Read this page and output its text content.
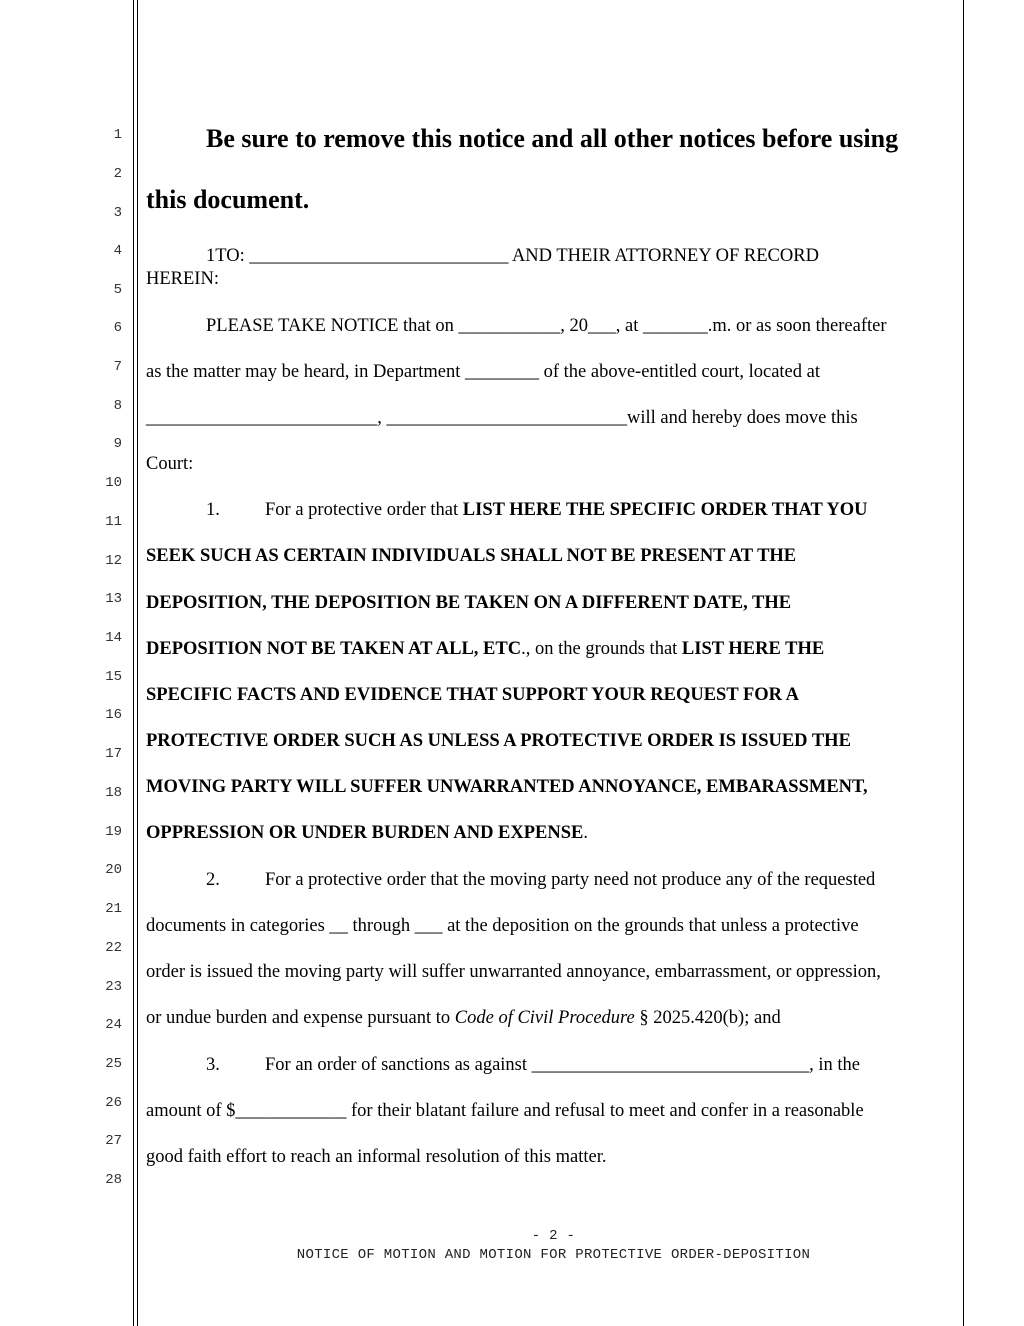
1
2
3
4
5
6
7
8
9
10
11
12
13
14
15
16
17
18
19
20
21
22
23
24
25
26
27
28
Be sure to remove this notice and all other notices before using
this document.
1TO: ____________________________ AND THEIR ATTORNEY OF RECORD
HEREIN:
PLEASE TAKE NOTICE that on ___________, 20___, at _______.m. or as soon thereafter
as the matter may be heard, in Department ________ of the above-entitled court, located at
_________________________, __________________________will and hereby does move this
Court:
1. For a protective order that LIST HERE THE SPECIFIC ORDER THAT YOU
SEEK SUCH AS CERTAIN INDIVIDUALS SHALL NOT BE PRESENT AT THE
DEPOSITION, THE DEPOSITION BE TAKEN ON A DIFFERENT DATE, THE
DEPOSITION NOT BE TAKEN AT ALL, ETC., on the grounds that LIST HERE THE
SPECIFIC FACTS AND EVIDENCE THAT SUPPORT YOUR REQUEST FOR A
PROTECTIVE ORDER SUCH AS UNLESS A PROTECTIVE ORDER IS ISSUED THE
MOVING PARTY WILL SUFFER UNWARRANTED ANNOYANCE, EMBARASSMENT,
OPPRESSION OR UNDER BURDEN AND EXPENSE.
2. For a protective order that the moving party need not produce any of the requested
documents in categories __ through ___ at the deposition on the grounds that unless a protective
order is issued the moving party will suffer unwarranted annoyance, embarrassment, or oppression,
or undue burden and expense pursuant to Code of Civil Procedure § 2025.420(b); and
3. For an order of sanctions as against ______________________________, in the
amount of $____________ for their blatant failure and refusal to meet and confer in a reasonable
good faith effort to reach an informal resolution of this matter.
- 2 -
NOTICE OF MOTION AND MOTION FOR PROTECTIVE ORDER-DEPOSITION
